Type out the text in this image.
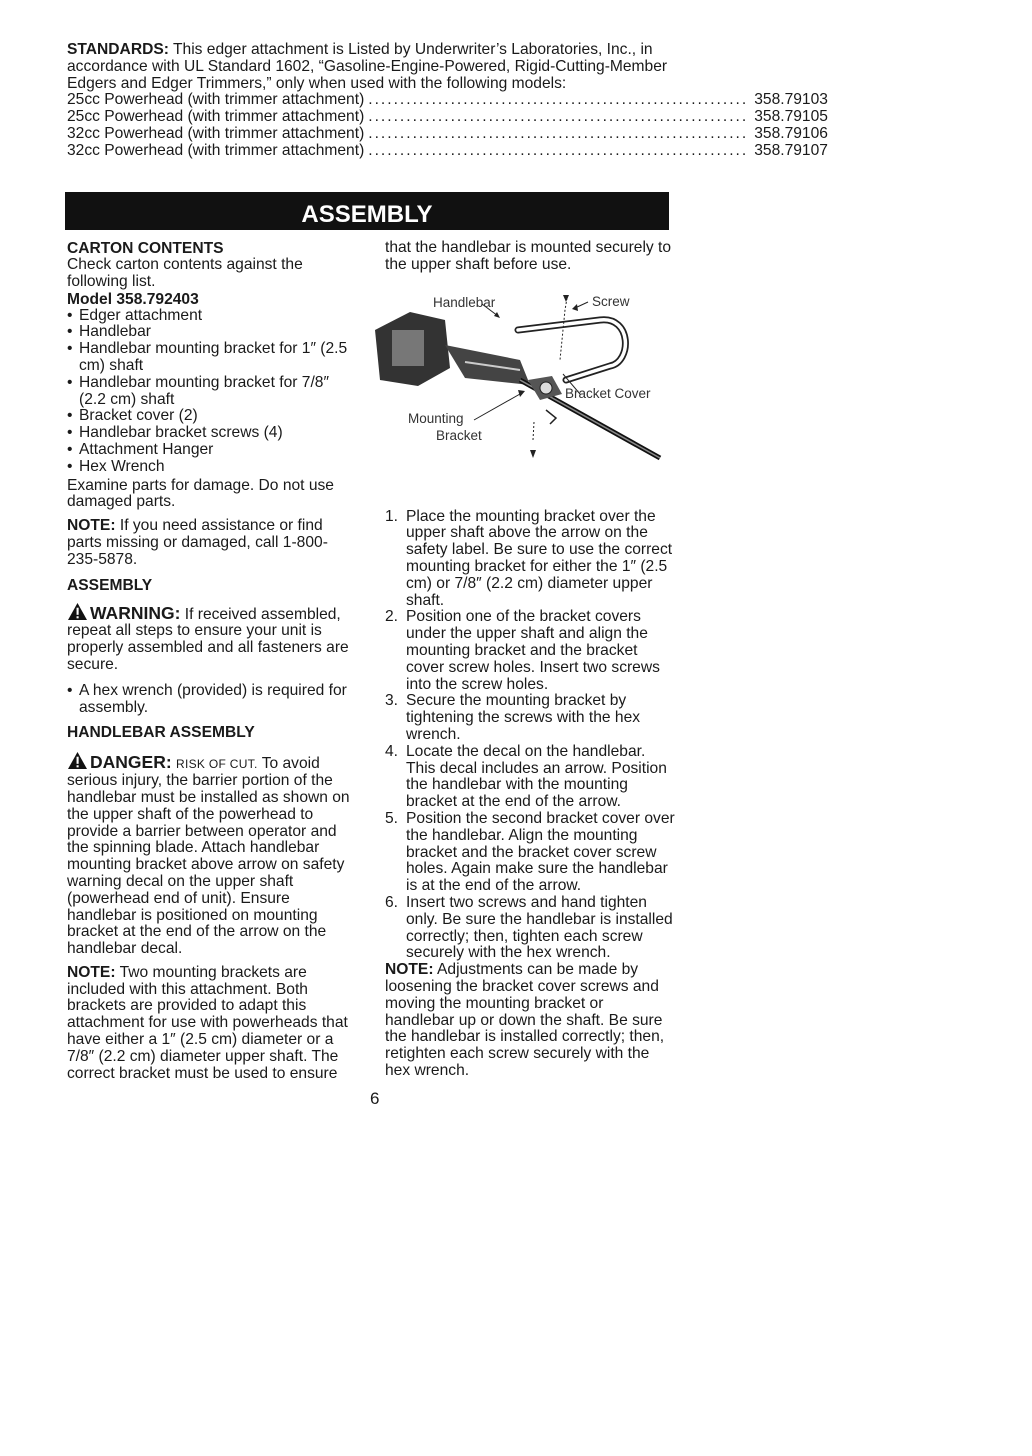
STANDARDS: This edger attachment is Listed by Underwriter’s Laboratories, Inc., in accordance with UL Standard 1602, “Gasoline-Engine-Powered, Rigid-Cutting-Member Edgers and Edger Trimmers,” only when used with the following models:
25cc Powerhead (with trimmer attachment) ............................................................ 358.79103
25cc Powerhead (with trimmer attachment) ............................................................ 358.79105
32cc Powerhead (with trimmer attachment) ............................................................ 358.79106
32cc Powerhead (with trimmer attachment) ............................................................ 358.79107
ASSEMBLY
CARTON CONTENTS
Check carton contents against the following list.
Model 358.792403
• Edger attachment
• Handlebar
• Handlebar mounting bracket for 1″ (2.5 cm) shaft
• Handlebar mounting bracket for 7/8″ (2.2 cm) shaft
• Bracket cover (2)
• Handlebar bracket screws (4)
• Attachment Hanger
• Hex Wrench
Examine parts for damage. Do not use damaged parts.
NOTE: If you need assistance or find parts missing or damaged, call 1-800-235-5878.
ASSEMBLY
WARNING: If received assembled, repeat all steps to ensure your unit is properly assembled and all fasteners are secure.
• A hex wrench (provided) is required for assembly.
HANDLEBAR ASSEMBLY
DANGER: RISK OF CUT. To avoid serious injury, the barrier portion of the handlebar must be installed as shown on the upper shaft of the powerhead to provide a barrier between operator and the spinning blade. Attach handlebar mounting bracket above arrow on safety warning decal on the upper shaft (powerhead end of unit). Ensure handlebar is positioned on mounting bracket at the end of the arrow on the handlebar decal.
NOTE: Two mounting brackets are included with this attachment. Both brackets are provided to adapt this attachment for use with powerheads that have either a 1″ (2.5 cm) diameter or a 7/8″ (2.2 cm) diameter upper shaft. The correct bracket must be used to ensure
that the handlebar is mounted securely to the upper shaft before use.
1. Place the mounting bracket over the upper shaft above the arrow on the safety label. Be sure to use the correct mounting bracket for either the 1″ (2.5 cm) or 7/8″ (2.2 cm) diameter upper shaft.
2. Position one of the bracket covers under the upper shaft and align the mounting bracket and the bracket cover screw holes. Insert two screws into the screw holes.
3. Secure the mounting bracket by tightening the screws with the hex wrench.
4. Locate the decal on the handlebar. This decal includes an arrow. Position the handlebar with the mounting bracket at the end of the arrow.
5. Position the second bracket cover over the handlebar. Align the mounting bracket and the bracket cover screw holes. Again make sure the handlebar is at the end of the arrow.
6. Insert two screws and hand tighten only. Be sure the handlebar is installed correctly; then, tighten each screw securely with the hex wrench.
NOTE: Adjustments can be made by loosening the bracket cover screws and moving the mounting bracket or handlebar up or down the shaft. Be sure the handlebar is installed correctly; then, retighten each screw securely with the hex wrench.
Handlebar	Screw
Bracket Cover
Mounting
Bracket
6
